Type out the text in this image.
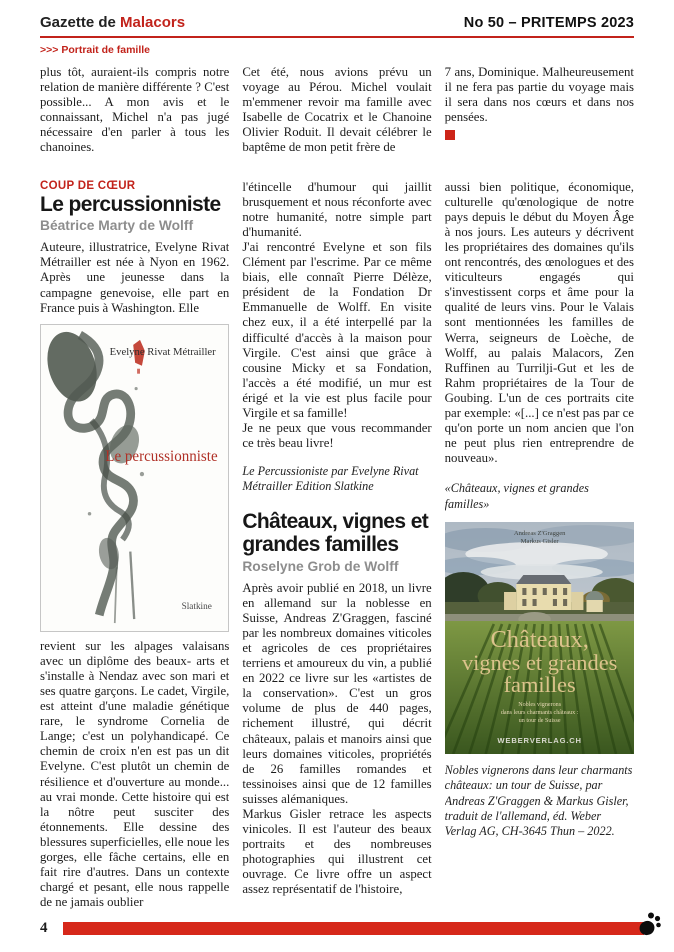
Gazette de Malacors	No 50 – PRITEMPS 2023
>>> Portrait de famille

plus tôt, auraient-ils compris notre relation de manière différente ? C'est possible... A mon avis et le connaissant, Michel n'a pas jugé nécessaire d'en parler à tous les chanoines.

Cet été, nous avions prévu un voyage au Pérou. Michel voulait m'emmener revoir ma famille avec Isabelle de Cocatrix et le Chanoine Olivier Roduit. Il devait célébrer le baptême de mon petit frère de

7 ans, Dominique. Malheureusement il ne fera pas partie du voyage mais il sera dans nos cœurs et dans nos pensées.

COUP DE CŒUR
Le percussionniste
Béatrice Marty de Wolff

Auteure, illustratrice, Evelyne Rivat Métrailler est née à Nyon en 1962. Après une jeunesse dans la campagne genevoise, elle part en France puis à Washington. Elle

Evelyne Rivat Métrailler
Le percussionniste
Slatkine

revient sur les alpages valaisans avec un diplôme des beaux- arts et s'installe à Nendaz avec son mari et ses quatre garçons. Le cadet, Virgile, est atteint d'une maladie génétique rare, le syndrome Cornelia de Lange; c'est un polyhandicapé. Ce chemin de croix n'en est pas un dit Evelyne. C'est plutôt un chemin de résilience et d'ouverture au monde... au vrai monde. Cette histoire qui est la nôtre peut susciter des étonnements. Elle dessine des blessures superficielles, elle noue les gorges, elle fâche certains, elle en fait rire d'autres. Dans un contexte chargé et pesant, elle nous rappelle de ne jamais oublier

l'étincelle d'humour qui jaillit brusquement et nous réconforte avec notre humanité, notre simple part d'humanité.

J'ai rencontré Evelyne et son fils Clément par l'escrime. Par ce même biais, elle connaît Pierre Délèze, président de la Fondation Dr Emmanuelle de Wolff. En visite chez eux, il a été interpellé par la difficulté d'accès à la maison pour Virgile. C'est ainsi que grâce à cousine Micky et sa Fondation, l'accès a été modifié, un mur est érigé et la vie est plus facile pour Virgile et sa famille!

Je ne peux que vous recommander ce très beau livre!

Le Percussioniste par Evelyne Rivat Métrailler Edition Slatkine

Châteaux, vignes et grandes familles
Roselyne Grob de Wolff

Après avoir publié en 2018, un livre en allemand sur la noblesse en Suisse, Andreas Z'Graggen, fasciné par les nombreux domaines viticoles et agricoles de ces propriétaires terriens et amoureux du vin, a publié en 2022 ce livre sur les «artistes de la conservation». C'est un gros volume de plus de 440 pages, richement illustré, qui décrit châteaux, palais et manoirs ainsi que leurs domaines viticoles, propriétés de 26 familles romandes et tessinoises ainsi que de 12 familles suisses alémaniques.

Markus Gisler retrace les aspects vinicoles. Il est l'auteur des beaux portraits et des nombreuses photographies qui illustrent cet ouvrage. Ce livre offre un aspect assez représentatif de l'histoire,

aussi bien politique, économique, culturelle qu'œnologique de notre pays depuis le début du Moyen Âge à nos jours. Les auteurs y décrivent les propriétaires des domaines qu'ils ont rencontrés, des œnologues et des viticulteurs engagés qui s'investissent corps et âme pour la qualité de leurs vins. Pour le Valais sont mentionnées les familles de Werra, seigneurs de Loèche, de Wolff, au palais Malacors, Zen Ruffinen au Turrilji-Gut et les de Rahm propriétaires de la Tour de Goubing. L'un de ces portraits cite par exemple: «[...] ce n'est pas par ce qu'on porte un nom ancien que l'on ne peut plus rien entreprendre de nouveau».

«Châteaux, vignes et grandes familles»

Andreas Z'Graggen
Markus Gisler
Châteaux,
vignes et grandes
familles
Nobles vignerons
dans leurs charmants châteaux :
un tour de Suisse
WEBERVERLAG.CH

Nobles vignerons dans leur charmants châteaux: un tour de Suisse, par Andreas Z'Graggen & Markus Gisler, traduit de l'allemand, éd. Weber Verlag AG, CH-3645 Thun – 2022.

4
